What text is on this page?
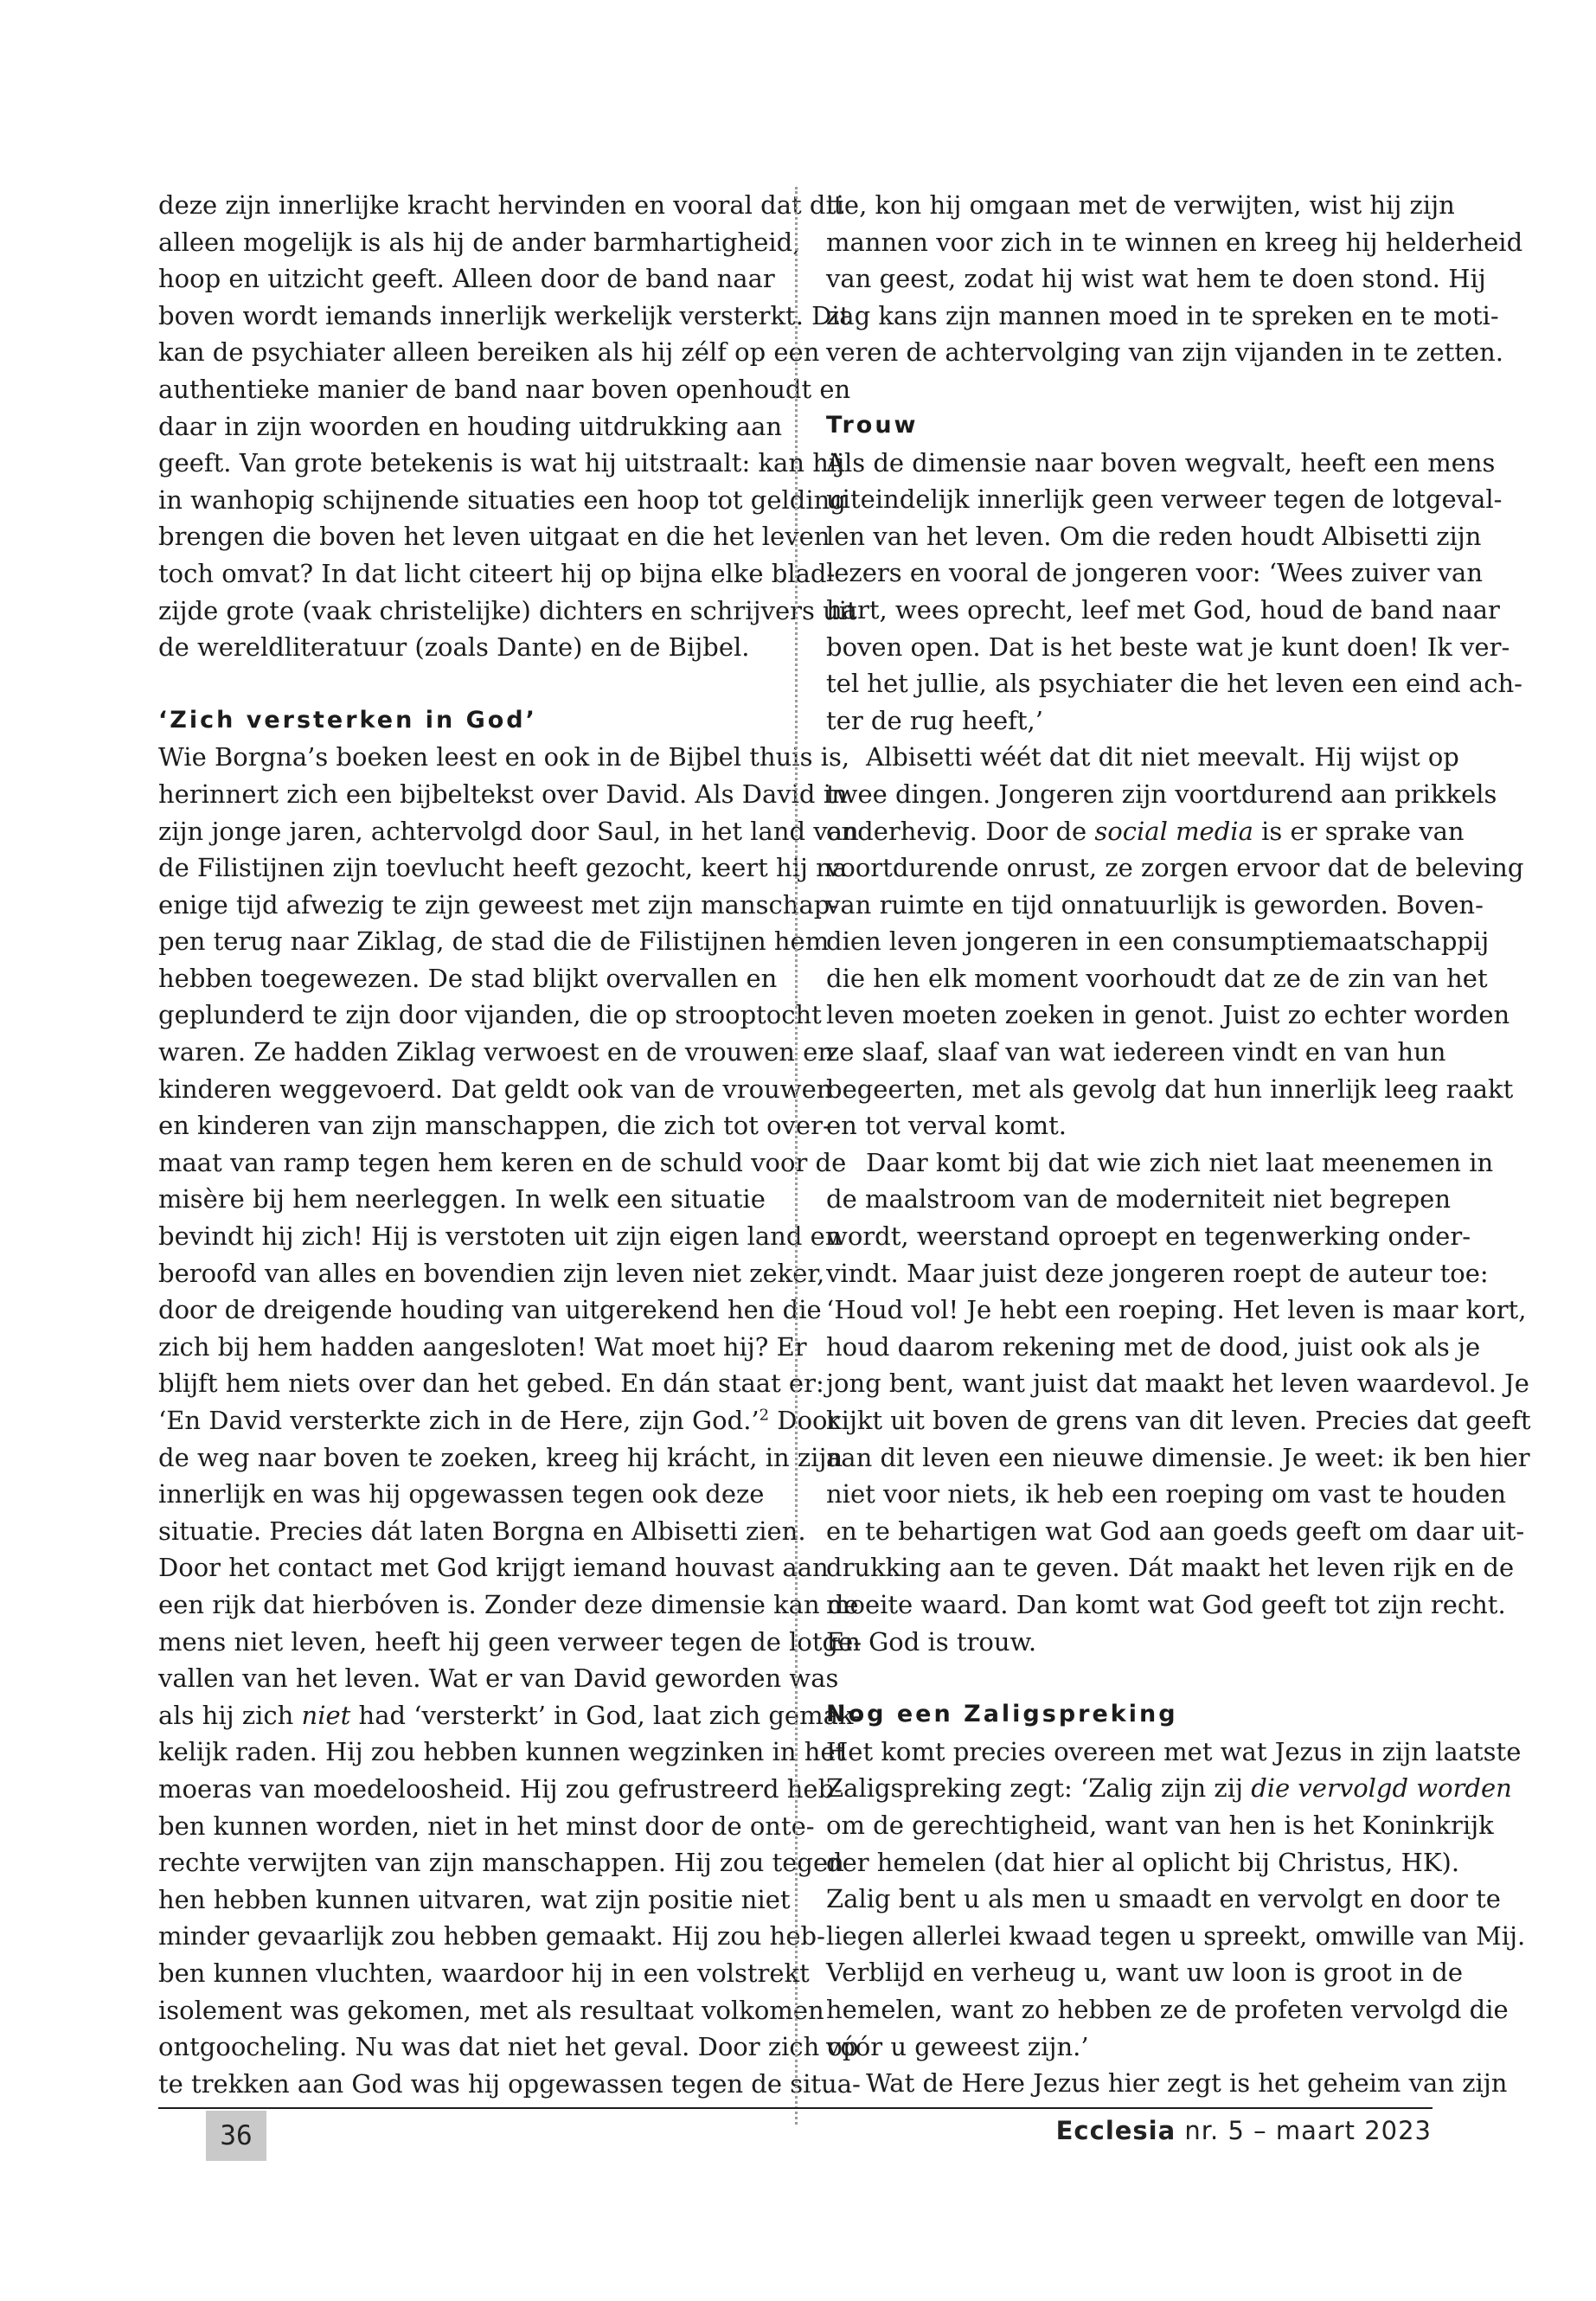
deze zijn innerlijke kracht hervinden en vooral dat dit
alleen mogelijk is als hij de ander barmhartigheid,
hoop en uitzicht geeft. Alleen door de band naar
boven wordt iemands innerlijk werkelijk versterkt. Dit
kan de psychiater alleen bereiken als hij zélf op een
authentieke manier de band naar boven openhoudt en
daar in zijn woorden en houding uitdrukking aan
geeft. Van grote betekenis is wat hij uitstraalt: kan hij
in wanhopig schijnende situaties een hoop tot gelding
brengen die boven het leven uitgaat en die het leven
toch omvat? In dat licht citeert hij op bijna elke blad-
zijde grote (vaak christelijke) dichters en schrijvers uit
de wereldliteratuur (zoals Dante) en de Bijbel.

‘Zich versterken in God’

Wie Borgna’s boeken leest en ook in de Bijbel thuis is,
herinnert zich een bijbeltekst over David. Als David in
zijn jonge jaren, achtervolgd door Saul, in het land van
de Filistijnen zijn toevlucht heeft gezocht, keert hij na
enige tijd afwezig te zijn geweest met zijn manschap-
pen terug naar Ziklag, de stad die de Filistijnen hem
hebben toegewezen. De stad blijkt overvallen en
geplunderd te zijn door vijanden, die op strooptocht
waren. Ze hadden Ziklag verwoest en de vrouwen en
kinderen weggevoerd. Dat geldt ook van de vrouwen
en kinderen van zijn manschappen, die zich tot over-
maat van ramp tegen hem keren en de schuld voor de
misère bij hem neerleggen. In welk een situatie
bevindt hij zich! Hij is verstoten uit zijn eigen land en
beroofd van alles en bovendien zijn leven niet zeker,
door de dreigende houding van uitgerekend hen die
zich bij hem hadden aangesloten! Wat moet hij? Er
blijft hem niets over dan het gebed. En dán staat er:
‘En David versterkte zich in de Here, zijn God.’$^2$ Door
de weg naar boven te zoeken, kreeg hij krácht, in zijn
innerlijk en was hij opgewassen tegen ook deze
situatie. Precies dát laten Borgna en Albisetti zien.
Door het contact met God krijgt iemand houvast aan
een rijk dat hierbóven is. Zonder deze dimensie kan de
mens niet leven, heeft hij geen verweer tegen de lotge-
vallen van het leven. Wat er van David geworden was
als hij zich niet had ‘versterkt’ in God, laat zich gemak-
kelijk raden. Hij zou hebben kunnen wegzinken in het
moeras van moedeloosheid. Hij zou gefrustreerd heb-
ben kunnen worden, niet in het minst door de onte-
rechte verwijten van zijn manschappen. Hij zou tegen
hen hebben kunnen uitvaren, wat zijn positie niet
minder gevaarlijk zou hebben gemaakt. Hij zou heb-
ben kunnen vluchten, waardoor hij in een volstrekt
isolement was gekomen, met als resultaat volkomen
ontgoocheling. Nu was dat niet het geval. Door zich op
te trekken aan God was hij opgewassen tegen de situa-

tie, kon hij omgaan met de verwijten, wist hij zijn
mannen voor zich in te winnen en kreeg hij helderheid
van geest, zodat hij wist wat hem te doen stond. Hij
zag kans zijn mannen moed in te spreken en te moti-
veren de achtervolging van zijn vijanden in te zetten.

Trouw

Als de dimensie naar boven wegvalt, heeft een mens
uiteindelijk innerlijk geen verweer tegen de lotgeval-
len van het leven. Om die reden houdt Albisetti zijn
lezers en vooral de jongeren voor: ‘Wees zuiver van
hart, wees oprecht, leef met God, houd de band naar
boven open. Dat is het beste wat je kunt doen! Ik ver-
tel het jullie, als psychiater die het leven een eind ach-
ter de rug heeft,’

Albisetti wéét dat dit niet meevalt. Hij wijst op
twee dingen. Jongeren zijn voortdurend aan prikkels
onderhevig. Door de social media is er sprake van
voortdurende onrust, ze zorgen ervoor dat de beleving
van ruimte en tijd onnatuurlijk is geworden. Boven-
dien leven jongeren in een consumptiemaatschappij
die hen elk moment voorhoudt dat ze de zin van het
leven moeten zoeken in genot. Juist zo echter worden
ze slaaf, slaaf van wat iedereen vindt en van hun
begeerten, met als gevolg dat hun innerlijk leeg raakt
en tot verval komt.

Daar komt bij dat wie zich niet laat meenemen in
de maalstroom van de moderniteit niet begrepen
wordt, weerstand oproept en tegenwerking onder-
vindt. Maar juist deze jongeren roept de auteur toe:
‘Houd vol! Je hebt een roeping. Het leven is maar kort,
houd daarom rekening met de dood, juist ook als je
jong bent, want juist dat maakt het leven waardevol. Je
kijkt uit boven de grens van dit leven. Precies dat geeft
aan dit leven een nieuwe dimensie. Je weet: ik ben hier
niet voor niets, ik heb een roeping om vast te houden
en te behartigen wat God aan goeds geeft om daar uit-
drukking aan te geven. Dát maakt het leven rijk en de
moeite waard. Dan komt wat God geeft tot zijn recht.
En God is trouw.

Nog een Zaligspreking

Het komt precies overeen met wat Jezus in zijn laatste
Zaligspreking zegt: ‘Zalig zijn zij die vervolgd worden
om de gerechtigheid, want van hen is het Koninkrijk
der hemelen (dat hier al oplicht bij Christus, HK).
Zalig bent u als men u smaadt en vervolgt en door te
liegen allerlei kwaad tegen u spreekt, omwille van Mij.
Verblijd en verheug u, want uw loon is groot in de
hemelen, want zo hebben ze de profeten vervolgd die
vóór u geweest zijn.’

Wat de Here Jezus hier zegt is het geheim van zijn

36	Ecclesia nr. 5 – maart 2023
